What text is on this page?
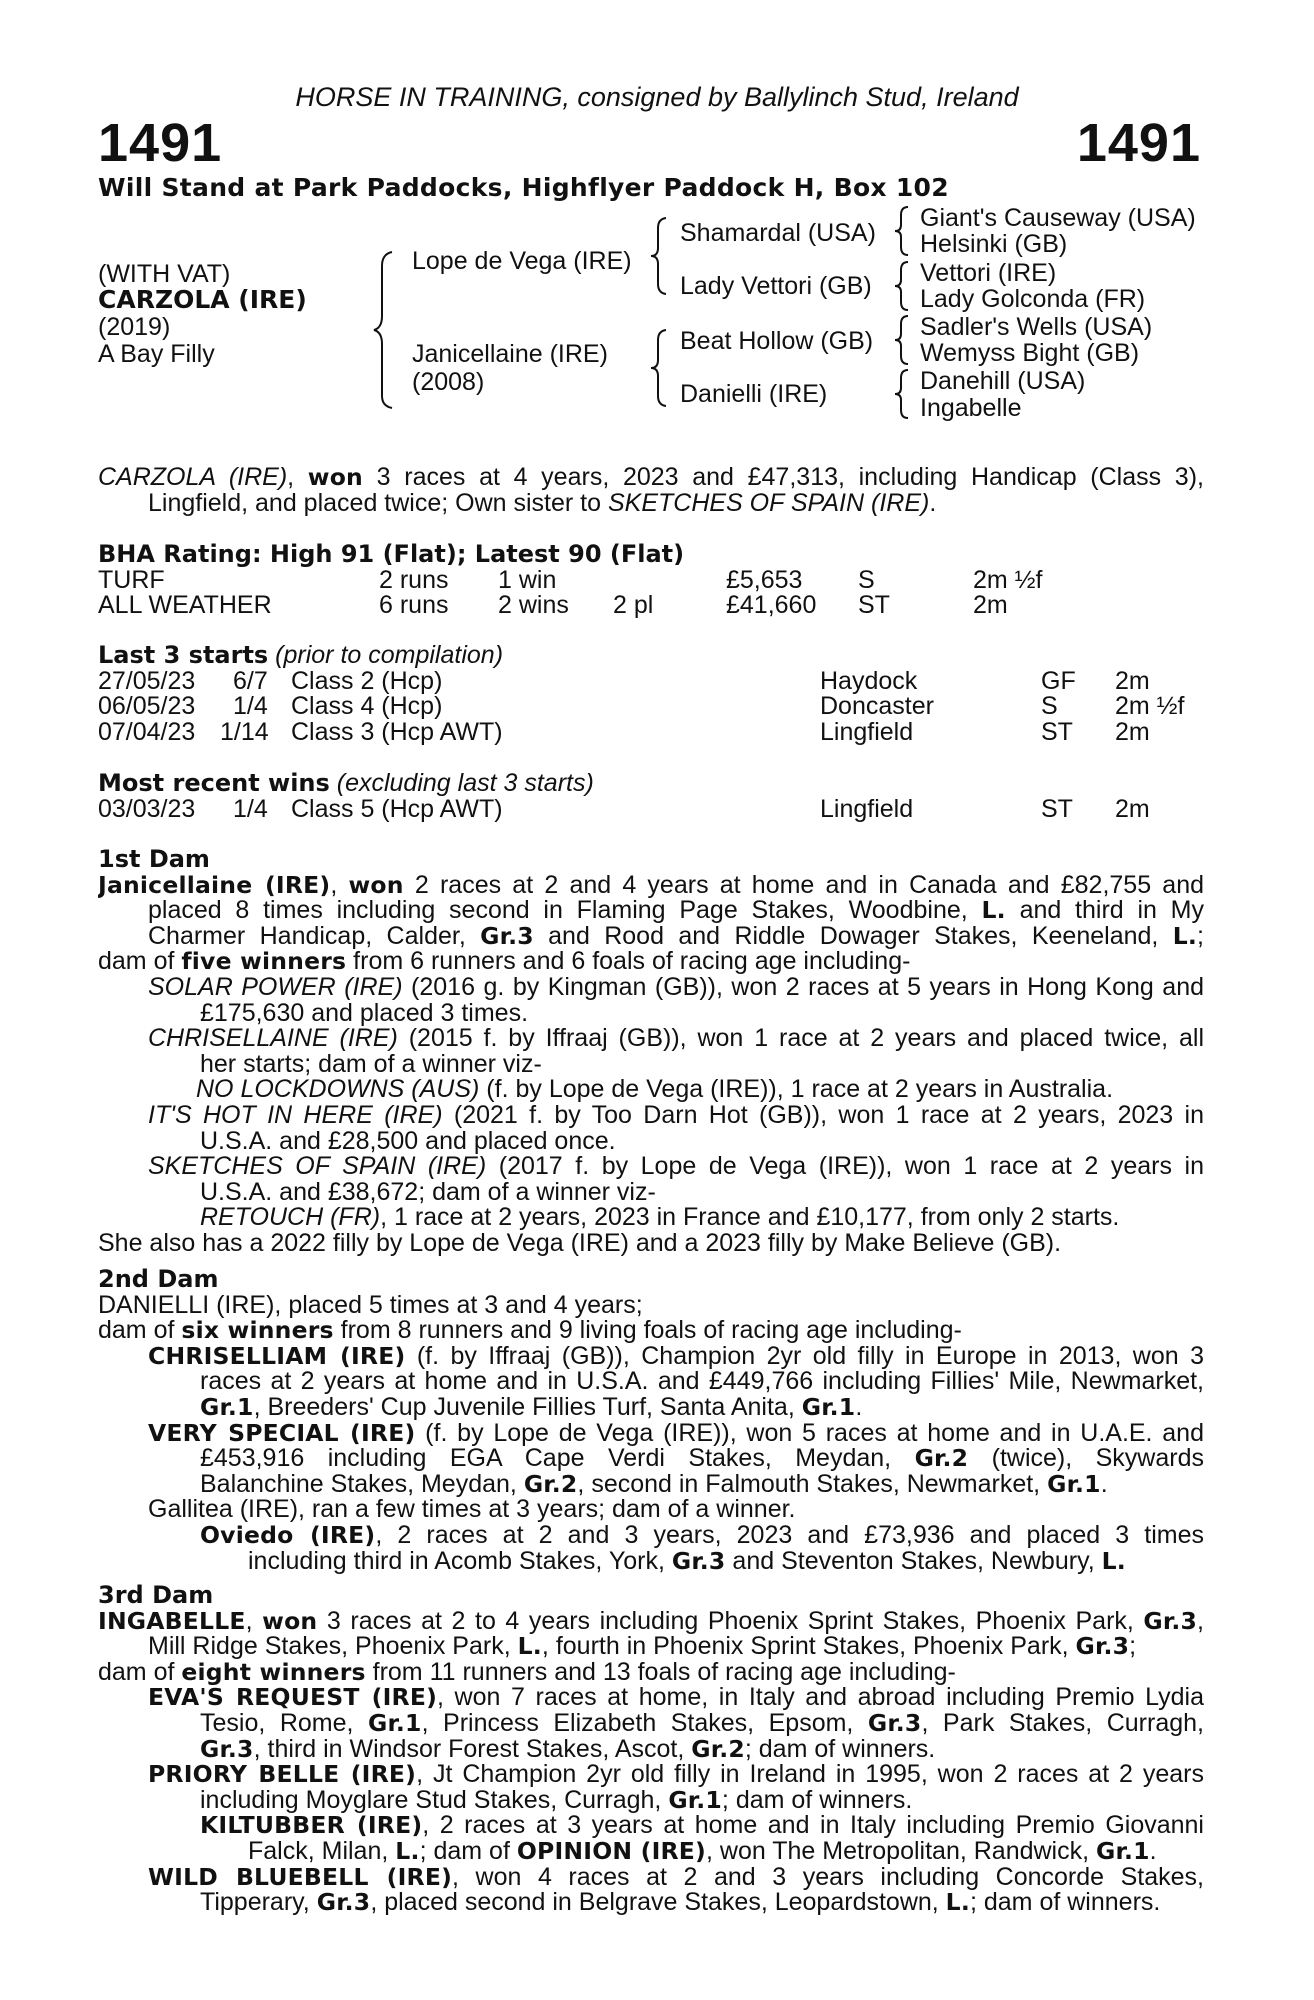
HORSE IN TRAINING, consigned by Ballylinch Stud, Ireland
1491	1491
Will Stand at Park Paddocks, Highflyer Paddock H, Box 102
(WITH VAT)
CARZOLA (IRE)
(2019)
A Bay Filly
Lope de Vega (IRE)
Janicellaine (IRE)
(2008)
Shamardal (USA)
Lady Vettori (GB)
Beat Hollow (GB)
Danielli (IRE)
Giant's Causeway (USA)
Helsinki (GB)
Vettori (IRE)
Lady Golconda (FR)
Sadler's Wells (USA)
Wemyss Bight (GB)
Danehill (USA)
Ingabelle
CARZOLA (IRE), won 3 races at 4 years, 2023 and £47,313, including Handicap (Class 3),
Lingfield, and placed twice; Own sister to SKETCHES OF SPAIN (IRE).
BHA Rating: High 91 (Flat); Latest 90 (Flat)
TURF	2 runs 1 win	£5,653 S	2m ½f
ALL WEATHER	6 runs 2 wins 2 pl	£41,660 ST	2m
Last 3 starts (prior to compilation)
27/05/23 6/7 Class 2 (Hcp)	Haydock	GF 2m
06/05/23 1/4 Class 4 (Hcp)	Doncaster	S 2m ½f
07/04/23 1/14 Class 3 (Hcp AWT)	Lingfield	ST 2m
Most recent wins (excluding last 3 starts)
03/03/23 1/4 Class 5 (Hcp AWT)	Lingfield	ST 2m
1st Dam
Janicellaine (IRE), won 2 races at 2 and 4 years at home and in Canada and £82,755 and
placed 8 times including second in Flaming Page Stakes, Woodbine, L. and third in My
Charmer Handicap, Calder, Gr.3 and Rood and Riddle Dowager Stakes, Keeneland, L.;
dam of five winners from 6 runners and 6 foals of racing age including-
SOLAR POWER (IRE) (2016 g. by Kingman (GB)), won 2 races at 5 years in Hong Kong and
£175,630 and placed 3 times.
CHRISELLAINE (IRE) (2015 f. by Iffraaj (GB)), won 1 race at 2 years and placed twice, all
her starts; dam of a winner viz-
NO LOCKDOWNS (AUS) (f. by Lope de Vega (IRE)), 1 race at 2 years in Australia.
IT'S HOT IN HERE (IRE) (2021 f. by Too Darn Hot (GB)), won 1 race at 2 years, 2023 in
U.S.A. and £28,500 and placed once.
SKETCHES OF SPAIN (IRE) (2017 f. by Lope de Vega (IRE)), won 1 race at 2 years in
U.S.A. and £38,672; dam of a winner viz-
RETOUCH (FR), 1 race at 2 years, 2023 in France and £10,177, from only 2 starts.
She also has a 2022 filly by Lope de Vega (IRE) and a 2023 filly by Make Believe (GB).
2nd Dam
DANIELLI (IRE), placed 5 times at 3 and 4 years;
dam of six winners from 8 runners and 9 living foals of racing age including-
CHRISELLIAM (IRE) (f. by Iffraaj (GB)), Champion 2yr old filly in Europe in 2013, won 3
races at 2 years at home and in U.S.A. and £449,766 including Fillies' Mile, Newmarket,
Gr.1, Breeders' Cup Juvenile Fillies Turf, Santa Anita, Gr.1.
VERY SPECIAL (IRE) (f. by Lope de Vega (IRE)), won 5 races at home and in U.A.E. and
£453,916 including EGA Cape Verdi Stakes, Meydan, Gr.2 (twice), Skywards
Balanchine Stakes, Meydan, Gr.2, second in Falmouth Stakes, Newmarket, Gr.1.
Gallitea (IRE), ran a few times at 3 years; dam of a winner.
Oviedo (IRE), 2 races at 2 and 3 years, 2023 and £73,936 and placed 3 times
including third in Acomb Stakes, York, Gr.3 and Steventon Stakes, Newbury, L.
3rd Dam
INGABELLE, won 3 races at 2 to 4 years including Phoenix Sprint Stakes, Phoenix Park, Gr.3,
Mill Ridge Stakes, Phoenix Park, L., fourth in Phoenix Sprint Stakes, Phoenix Park, Gr.3;
dam of eight winners from 11 runners and 13 foals of racing age including-
EVA'S REQUEST (IRE), won 7 races at home, in Italy and abroad including Premio Lydia
Tesio, Rome, Gr.1, Princess Elizabeth Stakes, Epsom, Gr.3, Park Stakes, Curragh,
Gr.3, third in Windsor Forest Stakes, Ascot, Gr.2; dam of winners.
PRIORY BELLE (IRE), Jt Champion 2yr old filly in Ireland in 1995, won 2 races at 2 years
including Moyglare Stud Stakes, Curragh, Gr.1; dam of winners.
KILTUBBER (IRE), 2 races at 3 years at home and in Italy including Premio Giovanni
Falck, Milan, L.; dam of OPINION (IRE), won The Metropolitan, Randwick, Gr.1.
WILD BLUEBELL (IRE), won 4 races at 2 and 3 years including Concorde Stakes,
Tipperary, Gr.3, placed second in Belgrave Stakes, Leopardstown, L.; dam of winners.
